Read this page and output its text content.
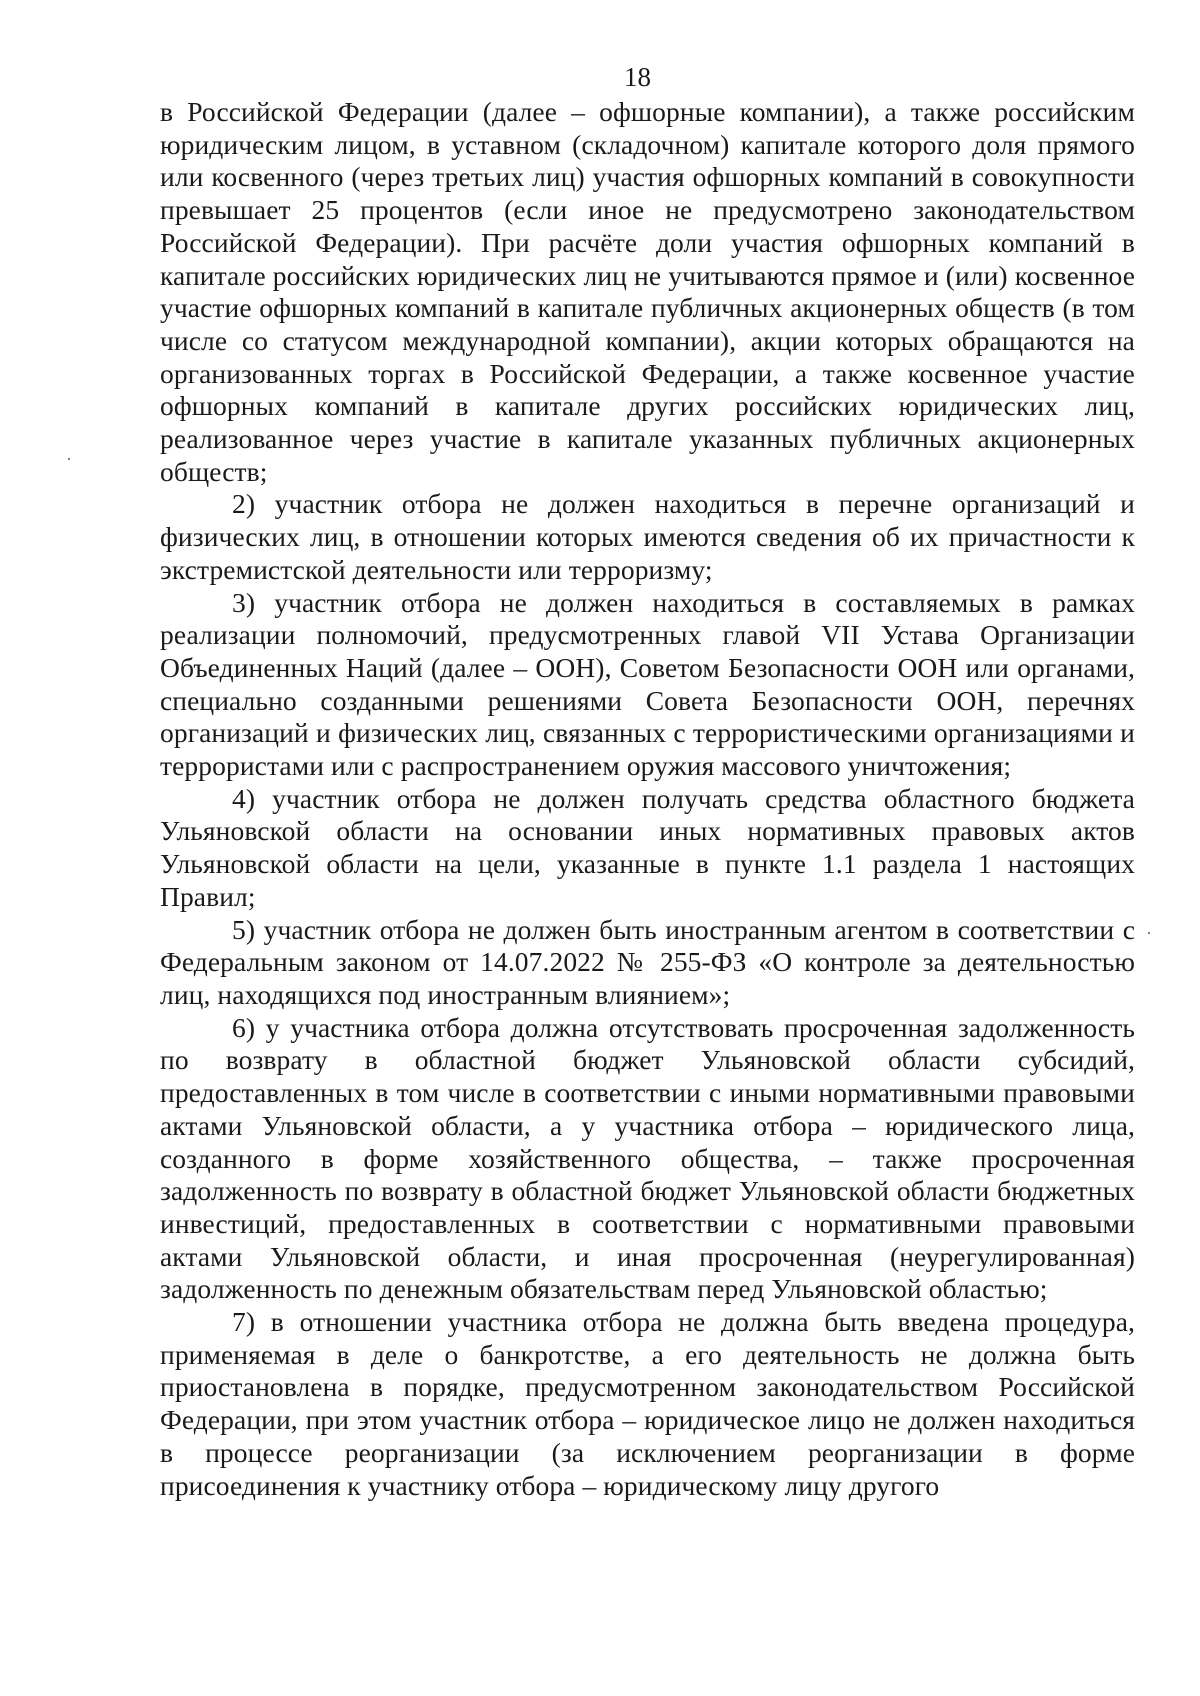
18

в Российской Федерации (далее – офшорные компании), а также российским юридическим лицом, в уставном (складочном) капитале которого доля прямого или косвенного (через третьих лиц) участия офшорных компаний в совокупности превышает 25 процентов (если иное не предусмотрено законодательством Российской Федерации). При расчёте доли участия офшорных компаний в капитале российских юридических лиц не учитываются прямое и (или) косвенное участие офшорных компаний в капитале публичных акционерных обществ (в том числе со статусом международной компании), акции которых обращаются на организованных торгах в Российской Федерации, а также косвенное участие офшорных компаний в капитале других российских юридических лиц, реализованное через участие в капитале указанных публичных акционерных обществ;

2) участник отбора не должен находиться в перечне организаций и физических лиц, в отношении которых имеются сведения об их причастности к экстремистской деятельности или терроризму;

3) участник отбора не должен находиться в составляемых в рамках реализации полномочий, предусмотренных главой VII Устава Организации Объединенных Наций (далее – ООН), Советом Безопасности ООН или органами, специально созданными решениями Совета Безопасности ООН, перечнях организаций и физических лиц, связанных с террористическими организациями и террористами или с распространением оружия массового уничтожения;

4) участник отбора не должен получать средства областного бюджета Ульяновской области на основании иных нормативных правовых актов Ульяновской области на цели, указанные в пункте 1.1 раздела 1 настоящих Правил;

5) участник отбора не должен быть иностранным агентом в соответствии с Федеральным законом от 14.07.2022 № 255-ФЗ «О контроле за деятельностью лиц, находящихся под иностранным влиянием»;

6) у участника отбора должна отсутствовать просроченная задолженность по возврату в областной бюджет Ульяновской области субсидий, предоставленных в том числе в соответствии с иными нормативными правовыми актами Ульяновской области, а у участника отбора – юридического лица, созданного в форме хозяйственного общества, – также просроченная задолженность по возврату в областной бюджет Ульяновской области бюджетных инвестиций, предоставленных в соответствии с нормативными правовыми актами Ульяновской области, и иная просроченная (неурегулированная) задолженность по денежным обязательствам перед Ульяновской областью;

7) в отношении участника отбора не должна быть введена процедура, применяемая в деле о банкротстве, а его деятельность не должна быть приостановлена в порядке, предусмотренном законодательством Российской Федерации, при этом участник отбора – юридическое лицо не должен находиться в процессе реорганизации (за исключением реорганизации в форме присоединения к участнику отбора – юридическому лицу другого
